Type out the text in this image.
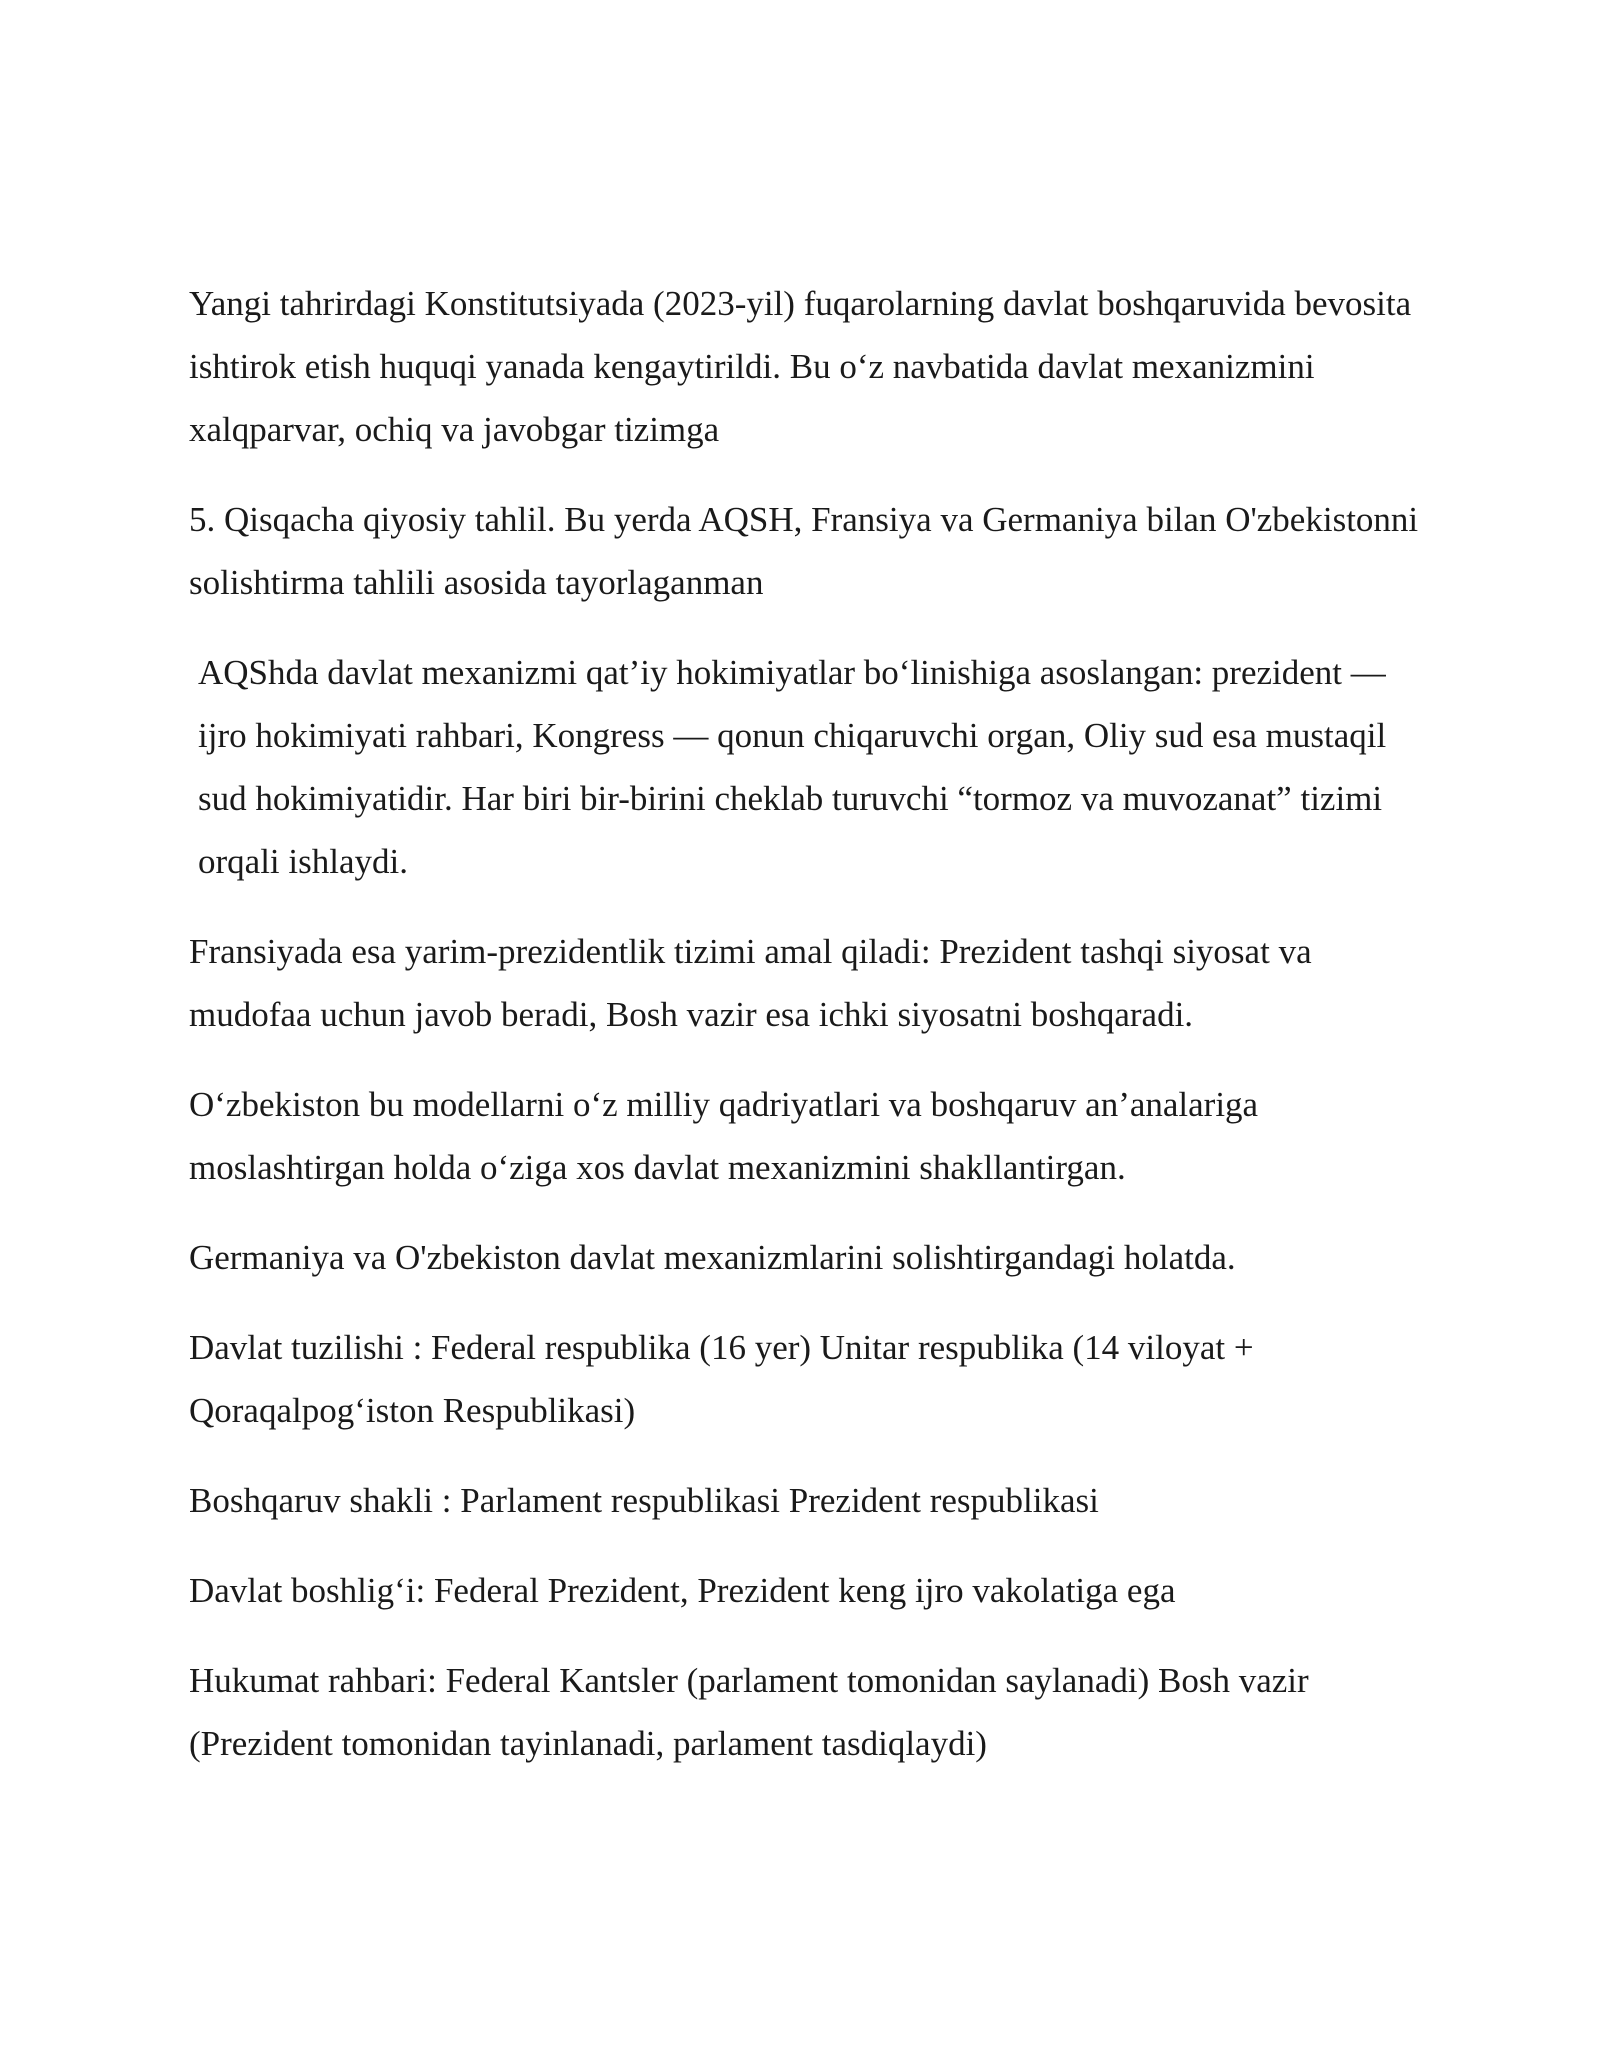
Yangi tahrirdagi Konstitutsiyada (2023-yil) fuqarolarning davlat boshqaruvida bevosita ishtirok etish huquqi yanada kengaytirildi. Bu o‘z navbatida davlat mexanizmini xalqparvar, ochiq va javobgar tizimga

5. Qisqacha qiyosiy tahlil. Bu yerda AQSH, Fransiya va Germaniya bilan O'zbekistonni solishtirma tahlili asosida tayorlaganman

AQShda davlat mexanizmi qat’iy hokimiyatlar bo‘linishiga asoslangan: prezident — ijro hokimiyati rahbari, Kongress — qonun chiqaruvchi organ, Oliy sud esa mustaqil sud hokimiyatidir. Har biri bir-birini cheklab turuvchi “tormoz va muvozanat” tizimi orqali ishlaydi.

Fransiyada esa yarim-prezidentlik tizimi amal qiladi: Prezident tashqi siyosat va mudofaa uchun javob beradi, Bosh vazir esa ichki siyosatni boshqaradi.

O‘zbekiston bu modellarni o‘z milliy qadriyatlari va boshqaruv an’analariga moslashtirgan holda o‘ziga xos davlat mexanizmini shakllantirgan.

Germaniya va O'zbekiston davlat mexanizmlarini solishtirgandagi holatda.

Davlat tuzilishi : Federal respublika (16 yer) Unitar respublika (14 viloyat + Qoraqalpog‘iston Respublikasi)

Boshqaruv shakli : Parlament respublikasi Prezident respublikasi

Davlat boshlig‘i: Federal Prezident, Prezident keng ijro vakolatiga ega

Hukumat rahbari: Federal Kantsler (parlament tomonidan saylanadi) Bosh vazir (Prezident tomonidan tayinlanadi, parlament tasdiqlaydi)
